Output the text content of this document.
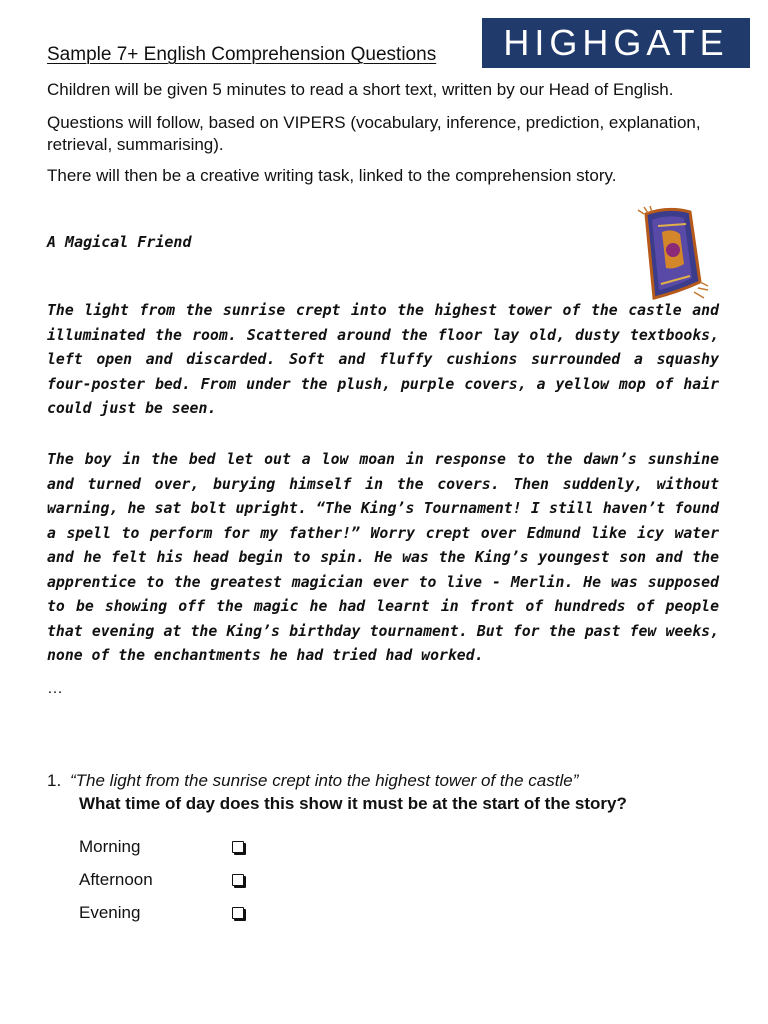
Sample 7+ English Comprehension Questions	HIGHGATE

Children will be given 5 minutes to read a short text, written by our Head of English.

Questions will follow, based on VIPERS (vocabulary, inference, prediction, explanation, retrieval, summarising).

There will then be a creative writing task, linked to the comprehension story.

A Magical Friend

The light from the sunrise crept into the highest tower of the castle and illuminated the room. Scattered around the floor lay old, dusty textbooks, left open and discarded. Soft and fluffy cushions surrounded a squashy four-poster bed. From under the plush, purple covers, a yellow mop of hair could just be seen.

The boy in the bed let out a low moan in response to the dawn’s sunshine and turned over, burying himself in the covers. Then suddenly, without warning, he sat bolt upright. “The King’s Tournament! I still haven’t found a spell to perform for my father!” Worry crept over Edmund like icy water and he felt his head begin to spin. He was the King’s youngest son and the apprentice to the greatest magician ever to live - Merlin. He was supposed to be showing off the magic he had learnt in front of hundreds of people that evening at the King’s birthday tournament. But for the past few weeks, none of the enchantments he had tried had worked.

…

1. “The light from the sunrise crept into the highest tower of the castle”
What time of day does this show it must be at the start of the story?
Morning
Afternoon
Evening
